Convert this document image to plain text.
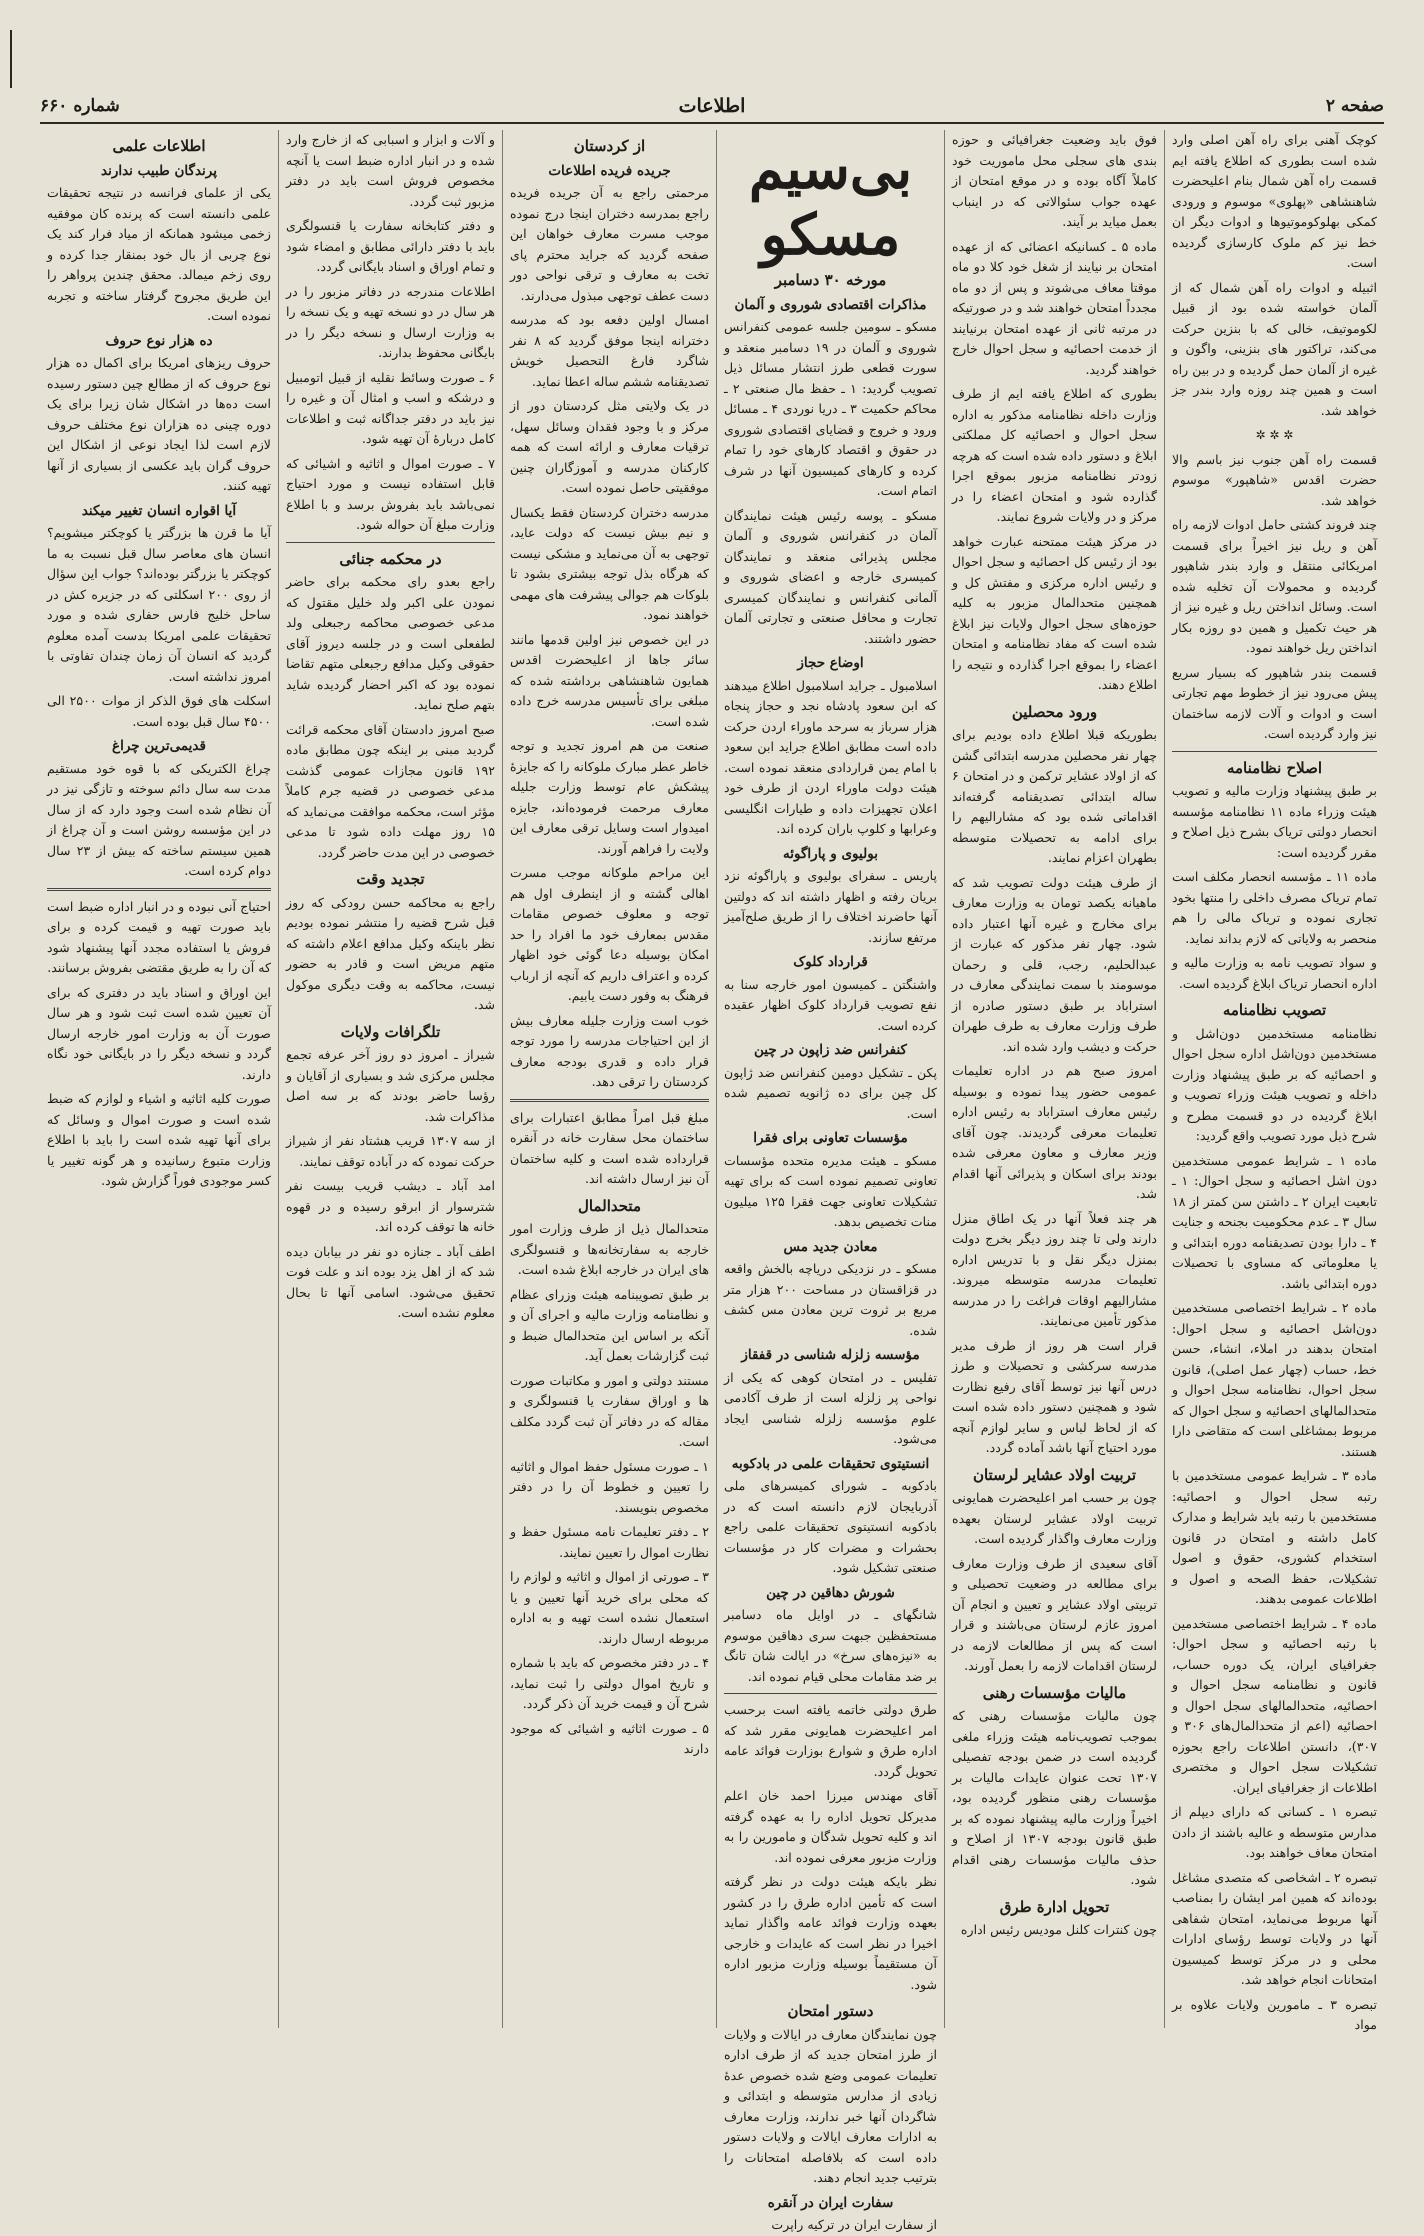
صفحه ۲
اطلاعات
شماره ۶۶۰

کوچک آهنی برای راه آهن اصلی وارد شده است بطوری که اطلاع یافته ایم قسمت راه آهن شمال بنام اعلیحضرت شاهنشاهی «پهلوی» موسوم و ورودی کمکی بهلوکوموتیوها و ادوات دیگر ان خط نیز کم ملوک کارسازی گردیده است.

اثبیله و ادوات راه آهن شمال که از آلمان خواسته شده بود از قبیل لکوموتیف، خالی که با بنزین حرکت می‌کند، تراکتور های بنزینی، واگون و غیره از آلمان حمل گردیده و در بین راه است و همین چند روزه وارد بندر جز خواهد شد.

✲ ✲ ✲

قسمت راه آهن جنوب نیز باسم والا حضرت اقدس «شاهپور» موسوم خواهد شد.

چند فروند کشتی حامل ادوات لازمه راه آهن و ریل نیز اخیراً برای قسمت امریکائی منتقل و وارد بندر شاهپور گردیده و محمولات آن تخلیه شده است. وسائل انداختن ریل و غیره نیز از هر حیث تکمیل و همین دو روزه بکار انداختن ریل خواهند نمود.

قسمت بندر شاهپور که بسیار سریع پیش می‌رود نیز از خطوط مهم تجارتی است و ادوات و آلات لازمه ساختمان نیز وارد گردیده است.

اصلاح نظامنامه

بر طبق پیشنهاد وزارت مالیه و تصویب هیئت وزراء ماده ۱۱ نظامنامه مؤسسه انحصار دولتی تریاک بشرح ذیل اصلاح و مقرر گردیده است:

ماده ۱۱ ـ مؤسسه انحصار مکلف است تمام تریاک مصرف داخلی را منتها بخود تجاری نموده و تریاک مالی را هم منحصر به ولایاتی که لازم بداند نماید.

و سواد تصویب نامه به وزارت مالیه و اداره انحصار تریاک ابلاغ گردیده است.

تصویب نظامنامه

نظامنامه مستخدمین دون‌اشل و مستخدمین دون‌اشل اداره سجل احوال و احصائیه که بر طبق پیشنهاد وزارت داخله و تصویب هیئت وزراء تصویب و ابلاغ گردیده در دو قسمت مطرح و شرح ذیل مورد تصویب واقع گردید:

ماده ۱ ـ شرایط عمومی مستخدمین دون اشل احصائیه و سجل احوال: ۱ ـ تابعیت ایران ۲ ـ داشتن سن کمتر از ۱۸ سال ۳ ـ عدم محکومیت بجنحه و جنایت ۴ ـ دارا بودن تصدیقنامه دوره ابتدائی و یا معلوماتی که مساوی با تحصیلات دوره ابتدائی باشد.

ماده ۲ ـ شرایط اختصاصی مستخدمین دون‌اشل احصائیه و سجل احوال: امتحان بدهند در املاء، انشاء، حسن خط، حساب (چهار عمل اصلی)، قانون سجل احوال، نظامنامه سجل احوال و متحدالمالهای احصائیه و سجل احوال که مربوط بمشاغلی است که متقاضی دارا هستند.

ماده ۳ ـ شرایط عمومی مستخدمین با رتبه سجل احوال و احصائیه: مستخدمین با رتبه باید شرایط و مدارک کامل داشته و امتحان در قانون استخدام کشوری، حقوق و اصول تشکیلات، حفظ الصحه و اصول و اطلاعات عمومی بدهند.

ماده ۴ ـ شرایط اختصاصی مستخدمین با رتبه احصائیه و سجل احوال: جغرافیای ایران، یک دوره حساب، قانون و نظامنامه سجل احوال و احصائیه، متحدالمالهای سجل احوال و احصائیه (اعم از متحدالمال‌های ۳۰۶ و ۳۰۷)، دانستن اطلاعات راجع بحوزه تشکیلات سجل احوال و مختصری اطلاعات از جغرافیای ایران.

تبصره ۱ ـ کسانی که دارای دیپلم از مدارس متوسطه و عالیه باشند از دادن امتحان معاف خواهند بود.

تبصره ۲ ـ اشخاصی که متصدی مشاغل بوده‌اند که همین امر ایشان را بمناصب آنها مربوط می‌نماید، امتحان شفاهی آنها در ولایات توسط رؤسای ادارات محلی و در مرکز توسط کمیسیون امتحانات انجام خواهد شد.

تبصره ۳ ـ مامورین ولایات علاوه بر مواد

فوق باید وضعیت جغرافیائی و حوزه بندی های سجلی محل ماموریت خود کاملاً آگاه بوده و در موقع امتحان از عهده جواب سئوالاتی که در اینباب بعمل میاید بر آیند.

ماده ۵ ـ کسانیکه اعضائی که از عهده امتحان بر نیایند از شغل خود کلا دو ماه موقتا معاف می‌شوند و پس از دو ماه مجدداً امتحان خواهند شد و در صورتیکه در مرتبه ثانی از عهده امتحان برنیایند از خدمت احصائیه و سجل احوال خارج خواهند گردید.

بطوری که اطلاع یافته ایم از طرف وزارت داخله نظامنامه مذکور به اداره سجل احوال و احصائیه کل مملکتی ابلاغ و دستور داده شده است که هرچه زودتر نظامنامه مزبور بموقع اجرا گذارده شود و امتحان اعضاء را در مرکز و در ولایات شروع نمایند.

در مرکز هیئت ممتحنه عبارت خواهد بود از رئیس کل احصائیه و سجل احوال و رئیس اداره مرکزی و مفتش کل و همچنین متحدالمال مزبور به کلیه حوزه‌های سجل احوال ولایات نیز ابلاغ شده است که مفاد نظامنامه و امتحان اعضاء را بموقع اجرا گذارده و نتیجه را اطلاع دهند.

ورود محصلین

بطوریکه قبلا اطلاع داده بودیم برای چهار نفر محصلین مدرسه ابتدائی گشن که از اولاد عشایر ترکمن و در امتحان ۶ ساله ابتدائی تصدیقنامه گرفته‌اند اقداماتی شده بود که مشارالیهم را برای ادامه به تحصیلات متوسطه بطهران اعزام نمایند.

از طرف هیئت دولت تصویب شد که ماهیانه یکصد تومان به وزارت معارف برای مخارج و غیره آنها اعتبار داده شود. چهار نفر مذکور که عبارت از عبدالحلیم، رجب، قلی و رحمان موسومند با سمت نمایندگی معارف در استراباد بر طبق دستور صادره از طرف وزارت معارف به طرف طهران حرکت و دیشب وارد شده اند.

امروز صبح هم در اداره تعلیمات عمومی حضور پیدا نموده و بوسیله رئیس معارف استراباد به رئیس اداره تعلیمات معرفی گردیدند. چون آقای وزیر معارف و معاون معرفی شده بودند برای اسکان و پذیرائی آنها اقدام شد.

هر چند فعلاً آنها در یک اطاق منزل دارند ولی تا چند روز دیگر بخرج دولت بمنزل دیگر نقل و با تدریس اداره تعلیمات مدرسه متوسطه میروند. مشارالیهم اوقات فراغت را در مدرسه مذکور تأمین می‌نمایند.

قرار است هر روز از طرف مدیر مدرسه سرکشی و تحصیلات و طرز درس آنها نیز توسط آقای رفیع نظارت شود و همچنین دستور داده شده است که از لحاظ لباس و سایر لوازم آنچه مورد احتیاج آنها باشد آماده گردد.

تربیت اولاد عشایر لرستان

چون بر حسب امر اعلیحضرت همایونی تربیت اولاد عشایر لرستان بعهده وزارت معارف واگذار گردیده است.

آقای سعیدی از طرف وزارت معارف برای مطالعه در وضعیت تحصیلی و تربیتی اولاد عشایر و تعیین و انجام آن امروز عازم لرستان می‌باشند و قرار است که پس از مطالعات لازمه در لرستان اقدامات لازمه را بعمل آورند.

مالیات مؤسسات رهنی

چون مالیات مؤسسات رهنی که بموجب تصویب‌نامه هیئت وزراء ملغی گردیده است در ضمن بودجه تفصیلی ۱۳۰۷ تحت عنوان عایدات مالیات بر مؤسسات رهنی منظور گردیده بود، اخیراً وزارت مالیه پیشنهاد نموده که بر طبق قانون بودجه ۱۳۰۷ از اصلاح و حذف مالیات مؤسسات رهنی اقدام شود.

تحویل ادارة طرق

چون کنترات کلنل مودیس رئیس اداره

بی‌سیم مسکو
مورخه ۳۰ دسامبر
مذاکرات اقتصادی شوروی و آلمان

مسکو ـ سومین جلسه عمومی کنفرانس شوروی و آلمان در ۱۹ دسامبر منعقد و سورت قطعی طرز انتشار مسائل ذیل تصویب گردید: ۱ ـ حفظ مال صنعتی ۲ ـ محاکم حکمیت ۳ ـ دریا نوردی ۴ ـ مسائل ورود و خروج و قضایای اقتصادی شوروی در حقوق و اقتصاد کارهای خود را تمام کرده و کارهای کمیسیون آنها در شرف اتمام است.

مسکو ـ پوسه رئیس هیئت نمایندگان آلمان در کنفرانس شوروی و آلمان مجلس پذیرائی منعقد و نمایندگان کمیسری خارجه و اعضای شوروی و آلمانی کنفرانس و نمایندگان کمیسری تجارت و محافل صنعتی و تجارتی آلمان حضور داشتند.

اوضاع حجاز

اسلامبول ـ جراید اسلامبول اطلاع میدهند که ابن سعود پادشاه نجد و حجاز پنجاه هزار سرباز به سرحد ماوراء اردن حرکت داده است مطابق اطلاع جراید ابن سعود با امام یمن قراردادی منعقد نموده است. هیئت دولت ماوراء اردن از طرف خود اعلان تجهیزات داده و طیارات انگلیسی وعرابها و کلوپ باران کرده اند.

بولیوی و پاراگوئه

پاریس ـ سفرای بولیوی و پاراگوئه نزد بریان رفته و اظهار داشته اند که دولتین آنها حاضرند اختلاف را از طریق صلح‌آمیز مرتفع سازند.

قرارداد کلوک

واشنگتن ـ کمیسون امور خارجه سنا به نفع تصویب قرارداد کلوک اظهار عقیده کرده است.

کنفرانس ضد زاپون در چین

پکن ـ تشکیل دومین کنفرانس ضد ژاپون کل چین برای ده ژانویه تصمیم شده است.

مؤسسات تعاونی برای فقرا

مسکو ـ هیئت مدیره متحده مؤسسات تعاونی تصمیم نموده است که برای تهیه تشکیلات تعاونی جهت فقرا ۱۲۵ میلیون منات تخصیص بدهد.

معادن جدید مس

مسکو ـ در نزدیکی دریاچه بالخش واقعه در قزاقستان در مساحت ۲۰۰ هزار متر مربع بر ثروت ترین معادن مس کشف شده.

مؤسسه زلزله شناسی در قفقاز

تفلیس ـ در امتحان کوهی که یکی از نواحی پر زلزله است از طرف آکادمی علوم مؤسسه زلزله شناسی ایجاد می‌شود.

انستیتوی تحقیقات علمی در بادکوبه

بادکوبه ـ شورای کمیسرهای ملی آذربایجان لازم دانسته است که در بادکوبه انستیتوی تحقیقات علمی راجع بحشرات و مضرات کار در مؤسسات صنعتی تشکیل شود.

شورش دهاقین در چین

شانگهای ـ در اوایل ماه دسامبر مستحفظین جبهت سری دهاقین موسوم به «نیزه‌های سرخ» در ایالت شان تانگ بر ضد مقامات محلی قیام نموده اند.

طرق دولتی خاتمه یافته است برحسب امر اعلیحضرت همایونی مقرر شد که اداره طرق و شوارع بوزارت فوائد عامه تحویل گردد.

آقای مهندس میرزا احمد خان اعلم مدیرکل تحویل اداره را به عهده گرفته اند و کلیه تحویل شدگان و مامورین را به وزارت مزبور معرفی نموده اند.

نظر بایکه هیئت دولت در نظر گرفته است که تأمین اداره طرق را در کشور بعهده وزارت فوائد عامه واگذار نماید اخیرا در نظر است که عایدات و خارجی آن مستقیماً بوسیله وزارت مزبور اداره شود.

دستور امتحان

چون نمایندگان معارف در ایالات و ولایات از طرز امتحان جدید که از طرف اداره تعلیمات عمومی وضع شده خصوص عدهٔ زیادی از مدارس متوسطه و ابتدائی و شاگردان آنها خبر ندارند، وزارت معارف به ادارات معارف ایالات و ولایات دستور داده است که بلافاصله امتحانات را بترتیب جدید انجام دهند.

سفارت ایران در آنقره

از سفارت ایران در ترکیه راپرت

از کردستان
جریده فریده اطلاعات

مرحمتی راجع به آن جریده فریده راجع بمدرسه دختران اینجا درج نموده موجب مسرت معارف خواهان این صفحه گردید که جراید محترم پای تخت به معارف و ترقی نواحی دور دست عطف توجهی مبذول می‌دارند.

امسال اولین دفعه بود که مدرسه دخترانه اینجا موفق گردید که ۸ نفر شاگرد فارغ التحصیل خویش تصدیقنامه ششم ساله اعطا نماید.

در یک ولایتی مثل کردستان دور از مرکز و با وجود فقدان وسائل سهل، ترقیات معارف و ارائه است که همه کارکنان مدرسه و آموزگاران چنین موفقیتی حاصل نموده است.

مدرسه دختران کردستان فقط یکسال و نیم بیش نیست که دولت عاید، توجهی به آن می‌نماید و مشکی نیست که هرگاه بذل توجه بیشتری بشود تا بلوکات هم جوالی پیشرفت های مهمی خواهند نمود.

در این خصوص نیز اولین قدمها مانند سائر جاها از اعلیحضرت اقدس همایون شاهنشاهی برداشته شده که مبلغی برای تأسیس مدرسه خرج داده شده است.

صنعت من هم امروز تجدید و توجه خاطر عطر مبارک ملوکانه را که جایزهٔ پیشکش عام توسط وزارت جلیله معارف مرحمت فرموده‌اند، جایزه امیدوار است وسایل ترقی معارف این ولایت را فراهم آورند.

این مراحم ملوکانه موجب مسرت اهالی گشته و از اینطرف اول هم توجه و معلوف خصوص مقامات مقدس بمعارف خود ما افراد را حد امکان بوسیله دعا گوئی خود اظهار کرده و اعتراف داریم که آنچه از ارباب فرهنگ به وفور دست یابیم.

خوب است وزارت جلیله معارف بیش از این احتیاجات مدرسه را مورد توجه قرار داده و قدری بودجه معارف کردستان را ترقی دهد.

مبلغ قبل امراً مطابق اعتبارات برای ساختمان محل سفارت خانه در آنقره قرارداده شده است و کلیه ساختمان آن نیز ارسال داشته اند.

متحدالمال

متحدالمال ذیل از طرف وزارت امور خارجه به سفارتخانه‌ها و قنسولگری های ایران در خارجه ابلاغ شده است.

بر طبق تصویبنامه هیئت وزرای عظام و نظامنامه وزارت مالیه و اجرای آن و آنکه بر اساس این متحدالمال ضبط و ثبت گزارشات بعمل آید.

مستند دولتی و امور و مکاتبات صورت ها و اوراق سفارت یا قنسولگری و مقاله که در دفاتر آن ثبت گردد مکلف است.

۱ ـ صورت مسئول حفظ اموال و اثاثیه را تعیین و خطوط آن را در دفتر مخصوص بنویسند.

۲ ـ دفتر تعلیمات نامه مسئول حفظ و نظارت اموال را تعیین نمایند.

۳ ـ صورتی از اموال و اثاثیه و لوازم را که محلی برای خرید آنها تعیین و یا استعمال نشده است تهیه و به اداره مربوطه ارسال دارند.

۴ ـ در دفتر مخصوص که باید با شماره و تاریخ اموال دولتی را ثبت نماید، شرح آن و قیمت خرید آن ذکر گردد.

۵ ـ صورت اثاثیه و اشیائی که موجود دارند

و آلات و ابزار و اسبابی که از خارج وارد شده و در انبار اداره ضبط است یا آنچه مخصوص فروش است باید در دفتر مزبور ثبت گردد.

و دفتر کتابخانه سفارت یا قنسولگری باید با دفتر دارائی مطابق و امضاء شود و تمام اوراق و اسناد بایگانی گردد.

اطلاعات مندرجه در دفاتر مزبور را در هر سال در دو نسخه تهیه و یک نسخه را به وزارت ارسال و نسخه دیگر را در بایگانی محفوظ بدارند.

۶ ـ صورت وسائط نقلیه از قبیل اتومبیل و درشکه و اسب و امثال آن و غیره را نیز باید در دفتر جداگانه ثبت و اطلاعات کامل دربارهٔ آن تهیه شود.

۷ ـ صورت اموال و اثاثیه و اشیائی که قابل استفاده نیست و مورد احتیاج نمی‌باشد باید بفروش برسد و با اطلاع وزارت مبلغ آن حواله شود.

در محکمه جنائی

راجع بعدو رای محکمه برای حاضر نمودن علی اکبر ولد خلیل مقتول که مدعی خصوصی محاکمه رجبعلی ولد لطفعلی است و در جلسه دیروز آقای حقوقی وکیل مدافع رجبعلی متهم تقاضا نموده بود که اکبر احضار گردیده شاید بتهم صلح نماید.

صبح امروز دادستان آقای محکمه قرائت گردید مبنی بر اینکه چون مطابق ماده ۱۹۲ قانون مجازات عمومی گذشت مدعی خصوصی در قضیه جرم کاملاً مؤثر است، محکمه موافقت می‌نماید که ۱۵ روز مهلت داده شود تا مدعی خصوصی در این مدت حاضر گردد.

تجدید وقت

راجع به محاکمه حسن رودکی که روز قبل شرح قضیه را منتشر نموده بودیم نظر باینکه وکیل مدافع اعلام داشته که متهم مریض است و قادر به حضور نیست، محاکمه به وقت دیگری موکول شد.

تلگرافات ولایات

شیراز ـ امروز دو روز آخر عرفه تجمع مجلس مرکزی شد و بسیاری از آقایان و رؤسا حاضر بودند که بر سه اصل مذاکرات شد.

از سه ۱۳۰۷ قریب هشتاد نفر از شیراز حرکت نموده که در آباده توقف نمایند.

امد آباد ـ دیشب قریب بیست نفر شترسوار از ابرقو رسیده و در قهوه خانه ها توقف کرده اند.

اطف آباد ـ جنازه دو نفر در بیابان دیده شد که از اهل یزد بوده اند و علت فوت تحقیق می‌شود. اسامی آنها تا بحال معلوم نشده است.

اطلاعات علمی
پرندگان طبیب ندارند

یکی از علمای فرانسه در نتیجه تحقیقات علمی دانسته است که پرنده کان موفقیه زخمی میشود همانکه از میاد فرار کند یک نوع چربی از بال خود بمنقار جدا کرده و روی زخم میمالد. محقق چندین پرواهر را این طریق مجروح گرفتار ساخته و تجربه نموده است.

ده هزار نوع حروف

حروف ریزهای امریکا برای اکمال ده هزار نوع حروف که از مطالع چین دستور رسیده است ده‌ها در اشکال شان زیرا برای یک دوره چینی ده هزاران نوع مختلف حروف لازم است لذا ایجاد نوعی از اشکال این حروف گران باید عکسی از بسیاری از آنها تهیه کنند.

آیا اقواره انسان تغییر میکند

آیا ما قرن ها بزرگتر یا کوچکتر میشویم؟ انسان های معاصر سال قبل نسبت به ما کوچکتر یا بزرگتر بوده‌اند؟ جواب این سؤال از روی ۲۰۰ اسکلتی که در جزیره کش در ساحل خلیج فارس حفاری شده و مورد تحقیقات علمی امریکا بدست آمده معلوم گردید که انسان آن زمان چندان تفاوتی با امروز نداشته است.

اسکلت های فوق الذکر از موات ۲۵۰۰ الی ۴۵۰۰ سال قبل بوده است.

قدیمی‌ترین چراغ

چراغ الکتریکی که با قوه خود مستقیم مدت سه سال دائم سوخته و تازگی نیز در آن نظام شده است وجود دارد که از سال در این مؤسسه روشن است و آن چراغ از همین سیستم ساخته که بیش از ۲۳ سال دوام کرده است.

احتیاج آنی نبوده و در انبار اداره ضبط است باید صورت تهیه و قیمت کرده و برای فروش یا استفاده مجدد آنها پیشنهاد شود که آن را به طریق مقتضی بفروش برسانند.

این اوراق و اسناد باید در دفتری که برای آن تعیین شده است ثبت شود و هر سال صورت آن به وزارت امور خارجه ارسال گردد و نسخه دیگر را در بایگانی خود نگاه دارند.

صورت کلیه اثاثیه و اشیاء و لوازم که ضبط شده است و صورت اموال و وسائل که برای آنها تهیه شده است را باید با اطلاع وزارت متبوع رسانیده و هر گونه تغییر یا کسر موجودی فوراً گزارش شود.
